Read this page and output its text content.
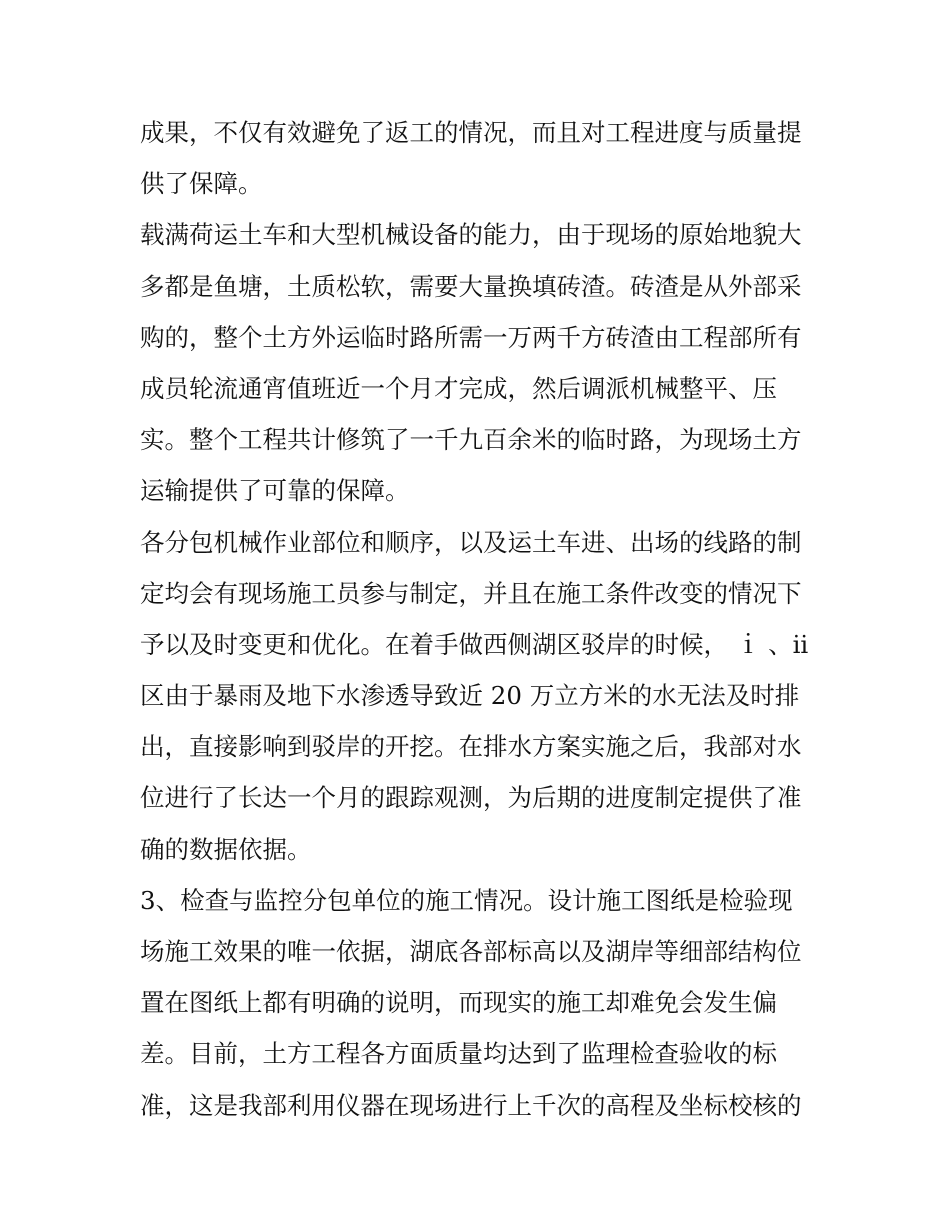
成果，不仅有效避免了返工的情况，而且对工程进度与质量提
供了保障。
载满荷运土车和大型机械设备的能力，由于现场的原始地貌大
多都是鱼塘，土质松软，需要大量换填砖渣。砖渣是从外部采
购的，整个土方外运临时路所需一万两千方砖渣由工程部所有
成员轮流通宵值班近一个月才完成，然后调派机械整平、压
实。整个工程共计修筑了一千九百余米的临时路，为现场土方
运输提供了可靠的保障。
各分包机械作业部位和顺序，以及运土车进、出场的线路的制
定均会有现场施工员参与制定，并且在施工条件改变的情况下
予以及时变更和优化。在着手做西侧湖区驳岸的时候， ｉ 、ii
区由于暴雨及地下水渗透导致近 20 万立方米的水无法及时排
出，直接影响到驳岸的开挖。在排水方案实施之后，我部对水
位进行了长达一个月的跟踪观测，为后期的进度制定提供了准
确的数据依据。
3、检查与监控分包单位的施工情况。设计施工图纸是检验现
场施工效果的唯一依据，湖底各部标高以及湖岸等细部结构位
置在图纸上都有明确的说明，而现实的施工却难免会发生偏
差。目前，土方工程各方面质量均达到了监理检查验收的标
准，这是我部利用仪器在现场进行上千次的高程及坐标校核的
